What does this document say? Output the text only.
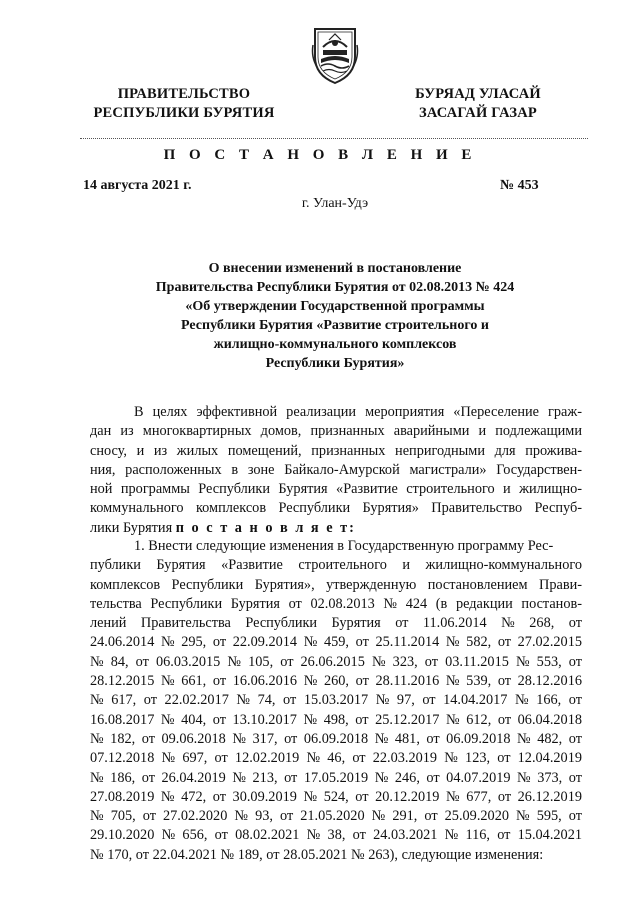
ПРАВИТЕЛЬСТВО

РЕСПУБЛИКИ БУРЯТИЯ

БУРЯАД УЛАСАЙ

ЗАСАГАЙ ГАЗАР

П О С Т А Н О В Л Е Н И Е
14 августа 2021 г.	№ 453
г. Улан-Удэ

О внесении изменений в постановление

Правительства Республики Бурятия от 02.08.2013 № 424

«Об утверждении Государственной программы

Республики Бурятия «Развитие строительного и

жилищно-коммунального комплексов

Республики Бурятия»

В целях эффективной реализации мероприятия «Переселение граж-

дан из многоквартирных домов, признанных аварийными и подлежащими

сносу, и из жилых помещений, признанных непригодными для прожива-

ния, расположенных в зоне Байкало-Амурской магистрали» Государствен-

ной программы Республики Бурятия «Развитие строительного и жилищно-

коммунального комплексов Республики Бурятия» Правительство Респуб-

лики Бурятия п о с т а н о в л я е т:

1. Внести следующие изменения в Государственную программу Рес-

публики Бурятия «Развитие строительного и жилищно-коммунального

комплексов Республики Бурятия», утвержденную постановлением Прави-

тельства Республики Бурятия от 02.08.2013 № 424 (в редакции постанов-

лений Правительства Республики Бурятия от 11.06.2014 № 268, от

24.06.2014 № 295, от 22.09.2014 № 459, от 25.11.2014 № 582, от 27.02.2015

№ 84, от 06.03.2015 № 105, от 26.06.2015 № 323, от 03.11.2015 № 553, от

28.12.2015 № 661, от 16.06.2016 № 260, от 28.11.2016 № 539, от 28.12.2016

№ 617, от 22.02.2017 № 74, от 15.03.2017 № 97, от 14.04.2017 № 166, от

16.08.2017 № 404, от 13.10.2017 № 498, от 25.12.2017 № 612, от 06.04.2018

№ 182, от 09.06.2018 № 317, от 06.09.2018 № 481, от 06.09.2018 № 482, от

07.12.2018 № 697, от 12.02.2019 № 46, от 22.03.2019 № 123, от 12.04.2019

№ 186, от 26.04.2019 № 213, от 17.05.2019 № 246, от 04.07.2019 № 373, от

27.08.2019 № 472, от 30.09.2019 № 524, от 20.12.2019 № 677, от 26.12.2019

№ 705, от 27.02.2020 № 93, от 21.05.2020 № 291, от 25.09.2020 № 595, от

29.10.2020 № 656, от 08.02.2021 № 38, от 24.03.2021 № 116, от 15.04.2021

№ 170, от 22.04.2021 № 189, от 28.05.2021 № 263), следующие изменения:
